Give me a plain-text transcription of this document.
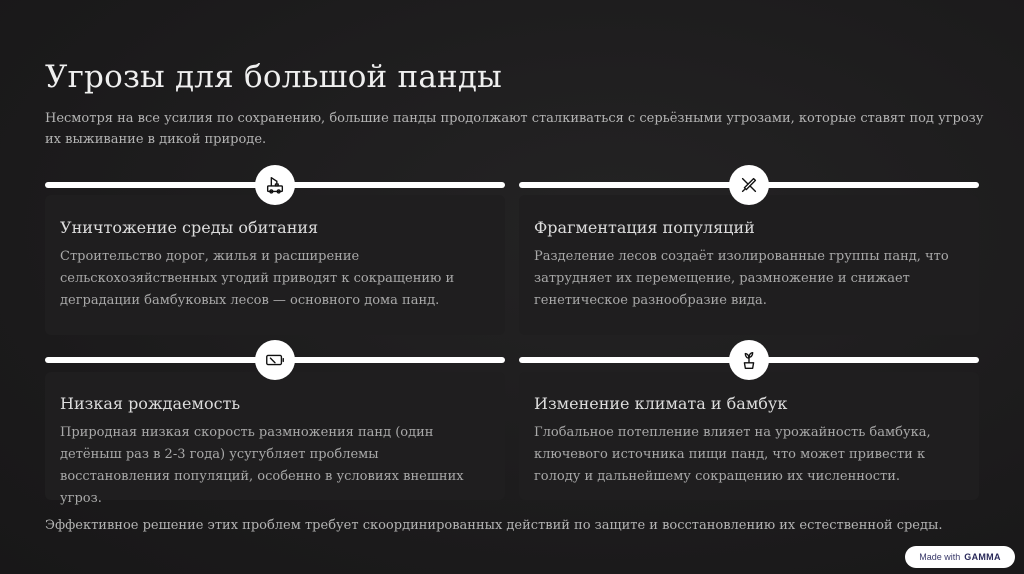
Угрозы для большой панды

Несмотря на все усилия по сохранению, большие панды продолжают сталкиваться с серьёзными угрозами, которые ставят под угрозу их выживание в дикой природе.

Уничтожение среды обитания
Строительство дорог, жилья и расширение сельскохозяйственных угодий приводят к сокращению и деградации бамбуковых лесов — основного дома панд.
Фрагментация популяций
Разделение лесов создаёт изолированные группы панд, что затрудняет их перемещение, размножение и снижает генетическое разнообразие вида.
Низкая рождаемость
Природная низкая скорость размножения панд (один детёныш раз в 2-3 года) усугубляет проблемы восстановления популяций, особенно в условиях внешних угроз.
Изменение климата и бамбук
Глобальное потепление влияет на урожайность бамбука, ключевого источника пищи панд, что может привести к голоду и дальнейшему сокращению их численности.
Эффективное решение этих проблем требует скоординированных действий по защите и восстановлению их естественной среды.
Made with GAMMA
